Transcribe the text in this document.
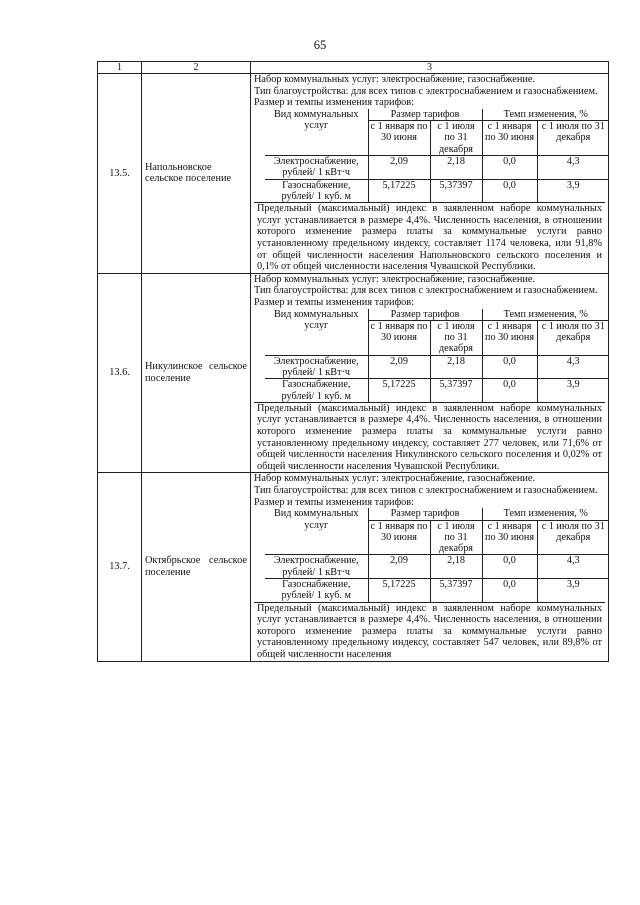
65
1	2	3
13.5.	Напольновское сельское поселение	

Набор коммунальных услуг: электроснабжение, газоснабжение.

Тип благоустройства: для всех типов с электроснабжением и газоснабжением.

Размер и темпы изменения тарифов:

Вид коммунальных услуг	Размер тарифов	Темп изменения, %
с 1 января по 30 июня	с 1 июля по 31 декабря	с 1 января по 30 июня	с 1 июля по 31 декабря
Электроснабжение, рублей/ 1 кВт·ч	2,09	2,18	0,0	4,3
Газоснабжение, рублей/ 1 куб. м	5,17225	5,37397	0,0	3,9

Предельный (максимальный) индекс в заявленном наборе коммунальных услуг устанавливается в размере 4,4%. Численность населения, в отношении которого изменение размера платы за коммунальные услуги равно установленному предельному индексу, составляет 1174 человека, или 91,8% от общей численности населения Напольновского сельского поселения и 0,1% от общей численности населения Чувашской Республики.

13.6.	Никулинское сельское поселение	

Набор коммунальных услуг: электроснабжение, газоснабжение.

Тип благоустройства: для всех типов с электроснабжением и газоснабжением.

Размер и темпы изменения тарифов:

Вид коммунальных услуг	Размер тарифов	Темп изменения, %
с 1 января по 30 июня	с 1 июля по 31 декабря	с 1 января по 30 июня	с 1 июля по 31 декабря
Электроснабжение, рублей/ 1 кВт·ч	2,09	2,18	0,0	4,3
Газоснабжение, рублей/ 1 куб. м	5,17225	5,37397	0,0	3,9

Предельный (максимальный) индекс в заявленном наборе коммунальных услуг устанавливается в размере 4,4%. Численность населения, в отношении которого изменение размера платы за коммунальные услуги равно установленному предельному индексу, составляет 277 человек, или 71,6% от общей численности населения Никулинского сельского поселения и 0,02% от общей численности населения Чувашской Республики.

13.7.	Октябрьское сельское поселение	

Набор коммунальных услуг: электроснабжение, газоснабжение.

Тип благоустройства: для всех типов с электроснабжением и газоснабжением.

Размер и темпы изменения тарифов:

Вид коммунальных услуг	Размер тарифов	Темп изменения, %
с 1 января по 30 июня	с 1 июля по 31 декабря	с 1 января по 30 июня	с 1 июля по 31 декабря
Электроснабжение, рублей/ 1 кВт·ч	2,09	2,18	0,0	4,3
Газоснабжение, рублей/ 1 куб. м	5,17225	5,37397	0,0	3,9

Предельный (максимальный) индекс в заявленном наборе коммунальных услуг устанавливается в размере 4,4%. Численность населения, в отношении которого изменение размера платы за коммунальные услуги равно установленному предельному индексу, составляет 547 человек, или 89,8% от общей численности населения
